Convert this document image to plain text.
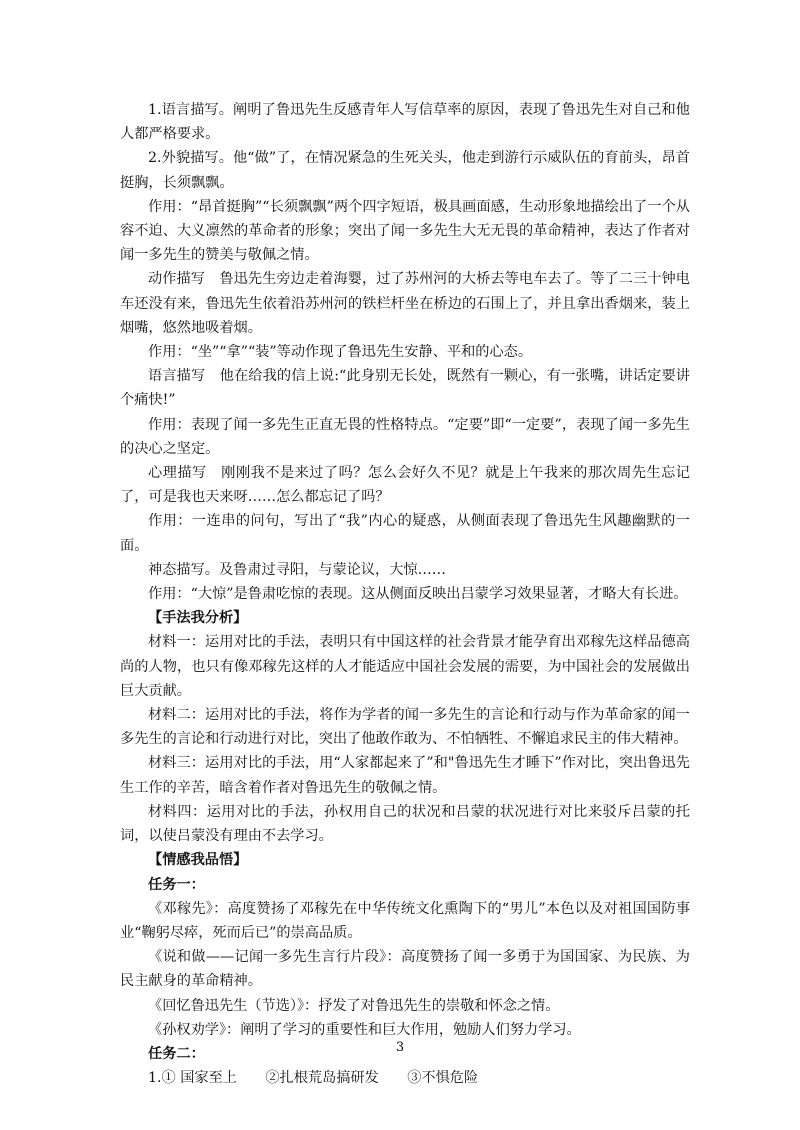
1.语言描写。阐明了鲁迅先生反感青年人写信草率的原因，表现了鲁迅先生对自己和他人都严格要求。

2.外貌描写。他“做”了，在情况紧急的生死关头，他走到游行示威队伍的育前头，昂首挺胸，长须飘飘。

作用：“昂首挺胸”“长须飘飘”两个四字短语，极具画面感，生动形象地描绘出了一个从容不迫、大义凛然的革命者的形象；突出了闻一多先生大无无畏的革命精神，表达了作者对闻一多先生的赞美与敬佩之情。

动作描写　鲁迅先生旁边走着海婴，过了苏州河的大桥去等电车去了。等了二三十钟电车还没有来，鲁迅先生依着沿苏州河的铁栏杆坐在桥边的石围上了，并且拿出香烟来，装上烟嘴，悠然地吸着烟。

作用：“坐”“拿”“装”等动作现了鲁迅先生安静、平和的心态。

语言描写　他在给我的信上说:“此身别无长处，既然有一颗心，有一张嘴，讲话定要讲个痛快!”

作用：表现了闻一多先生正直无畏的性格特点。“定要”即“一定要”，表现了闻一多先生的决心之坚定。

心理描写　刚刚我不是来过了吗？怎么会好久不见？就是上午我来的那次周先生忘记了，可是我也天来呀……怎么都忘记了吗？

作用：一连串的问句，写出了“我”内心的疑惑，从侧面表现了鲁迅先生风趣幽默的一面。

神态描写。及鲁肃过寻阳，与蒙论议，大惊……

作用：“大惊”是鲁肃吃惊的表现。这从侧面反映出吕蒙学习效果显著，才略大有长进。

【手法我分析】

材料一：运用对比的手法，表明只有中国这样的社会背景才能孕育出邓稼先这样品德高尚的人物，也只有像邓稼先这样的人才能适应中国社会发展的需要，为中国社会的发展做出巨大贡献。

材料二：运用对比的手法，将作为学者的闻一多先生的言论和行动与作为革命家的闻一多先生的言论和行动进行对比，突出了他敢作敢为、不怕牺牲、不懈追求民主的伟大精神。

材料三：运用对比的手法，用“人家都起来了”和"鲁迅先生才睡下”作对比，突出鲁迅先生工作的辛苦，暗含着作者对鲁迅先生的敬佩之情。

材料四：运用对比的手法，孙权用自己的状况和吕蒙的状况进行对比来驳斥吕蒙的托词，以使吕蒙没有理由不去学习。

【情感我品悟】

任务一：

《邓稼先》：高度赞扬了邓稼先在中华传统文化熏陶下的“男儿”本色以及对祖国国防事业“鞠躬尽瘁，死而后已”的崇高品质。

《说和做——记闻一多先生言行片段》：高度赞扬了闻一多勇于为国国家、为民族、为民主献身的革命精神。

《回忆鲁迅先生（节选）》：抒发了对鲁迅先生的崇敬和怀念之情。

《孙权劝学》：阐明了学习的重要性和巨大作用，勉励人们努力学习。

任务二：

1.① 国家至上　　②扎根荒岛搞研发　　③不惧危险

3
